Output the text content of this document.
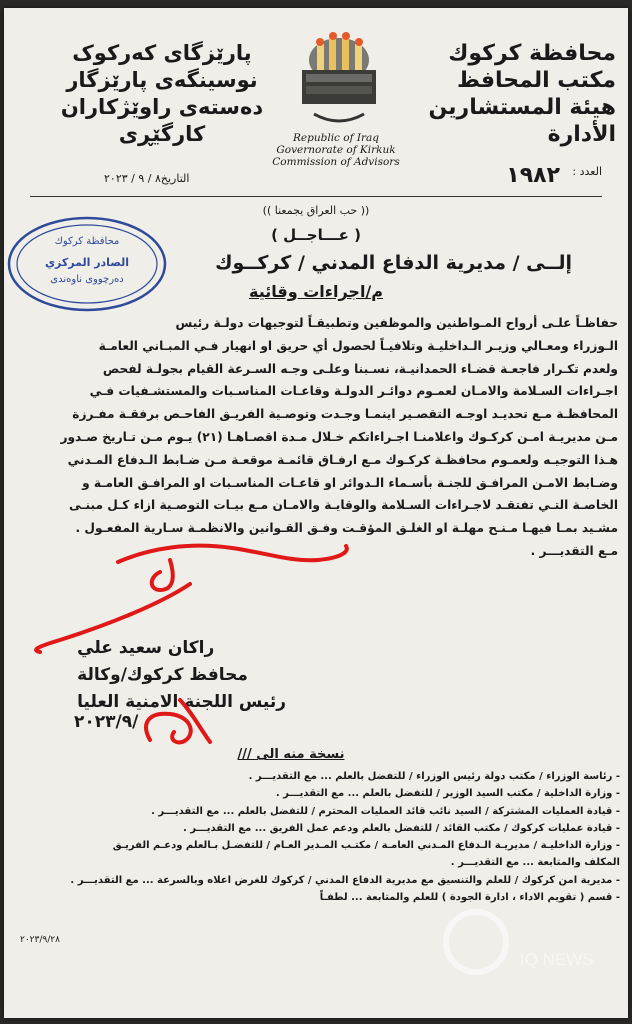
محافظة كركوك
مكتب المحافظ
هيئة المستشارين
الأدارة
پارێزگای کەرکوک
نوسینگەی پارێزگار
دەستەی راوێژکاران
کارگێڕی	Republic of Iraq
Governorate of Kirkuk
Commission of Advisors
العدد :
١٩٨٢
التاريخ٨ / ٩ / ٢٠٢٣
(( حب العراق يجمعنا ))
( عـــاجــل )
إلــى / مديرية الدفاع المدني / كركــوك
م/اجراءات وقائية
محافظة كركوك
الصادر المركزي
دەرچووی ناوەندی

حفاظـاً علـى أرواح المـواطنين والموظفين وتطبيقـاً لتوجيهات دولـة رئيس

الـوزراء ومعـالي وزيـر الـداخليـة وتلافيـاً لحصول أي حريق او انهيار فـي المبـاني العامـة

ولعدم تكـرار فاجعـة قضـاء الحمدانيـة، نسـبنا وعلـى وجـه السـرعة القيام بجولـة لفحص

اجـراءات السـلامة والامـان لعمـوم دوائـر الدولـة وقاعـات المناسـبات والمستشـفيات فـي

المحافظـة مـع تحديـد اوجـه التقصـير اينمـا وجـدت وتوصـية الفريـق الفاحـص برفقـة مفـرزة

مـن مديريـة امـن كركـوك واعلامنـا اجـراءاتكم خـلال مـدة اقصـاهـا (٢١) يـوم مـن تـاريخ صـدور

هـذا التوجيـه ولعمـوم محافظـة كركـوك مـع ارفـاق قائمـة موقعـة مـن ضـابط الـدفاع المـدني

وضـابط الامـن المرافـق للجنـة بأسـماء الـدوائر او قاعـات المناسـبات او المرافـق العامـة و

الخاصـة التـي تفتقـد لاجـراءات السـلامة والوقايـة والامـان مـع بيـات التوصـية ازاء كـل مبنـى

مشـيد بمـا فيهـا مـنـح مهلـة او الغلـق المؤقـت وفـق القـوانين والانظمـة سـارية المفعـول .

مـع التقديـــر .

راكان سعيد علي
محافظ كركوك/وكالة
رئيس اللجنة الامنية العليا
٢٠٢٣/٩/
نسخة منه الى ///
- رئاسة الوزراء / مكتب دولة رئيس الوزراء / للتفضل بالعلم ... مع التقديـــر .
- وزارة الداخلية / مكتب السيد الوزير / للتفضل بالعلم ... مع التقديـــر .
- قيادة العمليات المشتركة / السيد نائب قائد العمليات المحترم / للتفضل بالعلم ... مع التقديـــر .
- قيادة عمليات كركوك / مكتب القائد / للتفضل بالعلم ودعم عمل الفريق ... مع التقديـــر .
- وزارة الداخليـة / مديريـة الـدفاع المـدني العامـة / مكتـب المـدير العـام / للتفضـل بـالعلم ودعـم الفريـق
المكلف والمتابعة ... مع التقديـــر .
- مديرية امن كركوك / للعلم والتنسيق مع مديرية الدفاع المدني / كركوك للغرض اعلاه وبالسرعة ... مع التقديـــر .
- قسم ( تقويم الاداء ، ادارة الجودة ) للعلم والمتابعة ... لطفـاً
٢٠٢٣/٩/٢٨
IQ NEWS
